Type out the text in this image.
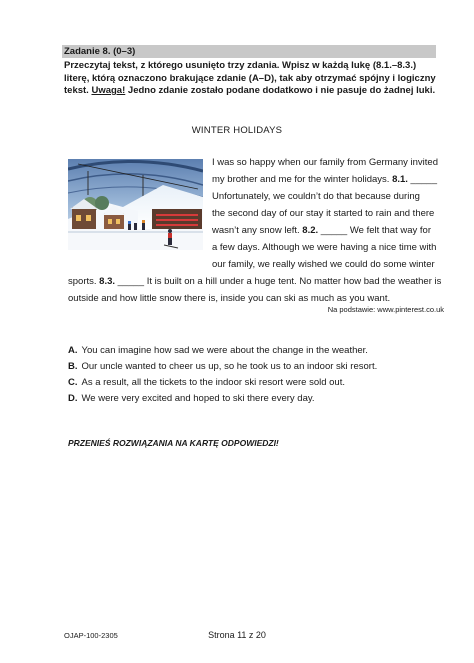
Zadanie 8. (0–3)
Przeczytaj tekst, z którego usunięto trzy zdania. Wpisz w każdą lukę (8.1.–8.3.) literę, którą oznaczono brakujące zdanie (A–D), tak aby otrzymać spójny i logiczny tekst. Uwaga! Jedno zdanie zostało podane dodatkowo i nie pasuje do żadnej luki.
WINTER HOLIDAYS
I was so happy when our family from Germany invited
my brother and me for the winter holidays. 8.1. _____
Unfortunately, we couldn’t do that because during
the second day of our stay it started to rain and there
wasn’t any snow left. 8.2. _____ We felt that way for
a few days. Although we were having a nice time with
our family, we really wished we could do some winter
sports. 8.3. _____ It is built on a hill under a huge tent. No matter how bad the weather is
outside and how little snow there is, inside you can ski as much as you want.
Na podstawie: www.pinterest.co.uk
A. You can imagine how sad we were about the change in the weather.
B. Our uncle wanted to cheer us up, so he took us to an indoor ski resort.
C. As a result, all the tickets to the indoor ski resort were sold out.
D. We were very excited and hoped to ski there every day.
PRZENIEŚ ROZWIĄZANIA NA KARTĘ ODPOWIEDZI!
OJAP-100-2305	Strona 11 z 20
